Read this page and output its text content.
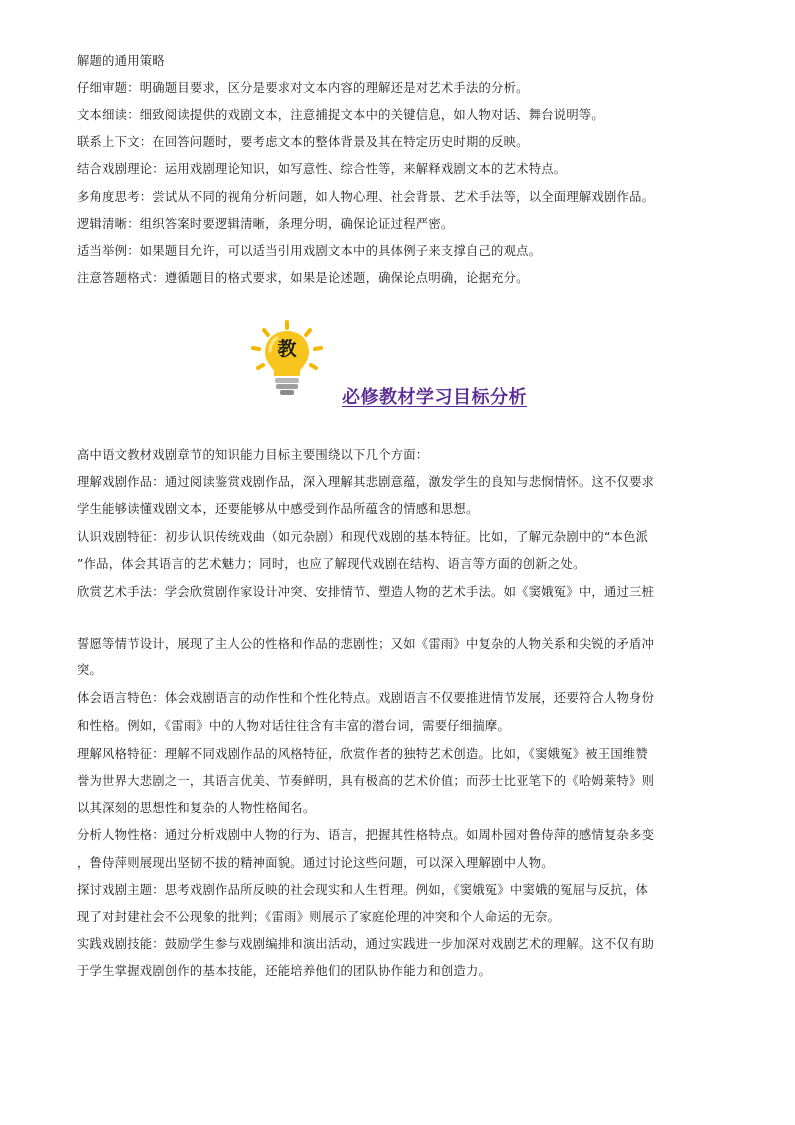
解题的通用策略
仔细审题：明确题目要求，区分是要求对文本内容的理解还是对艺术手法的分析。
文本细读：细致阅读提供的戏剧文本，注意捕捉文本中的关键信息，如人物对话、舞台说明等。
联系上下文：在回答问题时，要考虑文本的整体背景及其在特定历史时期的反映。
结合戏剧理论：运用戏剧理论知识，如写意性、综合性等，来解释戏剧文本的艺术特点。
多角度思考：尝试从不同的视角分析问题，如人物心理、社会背景、艺术手法等，以全面理解戏剧作品。
逻辑清晰：组织答案时要逻辑清晰，条理分明，确保论证过程严密。
适当举例：如果题目允许，可以适当引用戏剧文本中的具体例子来支撑自己的观点。
注意答题格式：遵循题目的格式要求，如果是论述题，确保论点明确，论据充分。
教
必修教材学习目标分析
高中语文教材戏剧章节的知识能力目标主要围绕以下几个方面：
理解戏剧作品：通过阅读鉴赏戏剧作品，深入理解其悲剧意蕴，激发学生的良知与悲悯情怀。这不仅要求
学生能够读懂戏剧文本，还要能够从中感受到作品所蕴含的情感和思想。
认识戏剧特征：初步认识传统戏曲（如元杂剧）和现代戏剧的基本特征。比如，了解元杂剧中的“本色派
”作品，体会其语言的艺术魅力；同时，也应了解现代戏剧在结构、语言等方面的创新之处。
欣赏艺术手法：学会欣赏剧作家设计冲突、安排情节、塑造人物的艺术手法。如《窦娥冤》中，通过三桩
誓愿等情节设计，展现了主人公的性格和作品的悲剧性；又如《雷雨》中复杂的人物关系和尖锐的矛盾冲
突。
体会语言特色：体会戏剧语言的动作性和个性化特点。戏剧语言不仅要推进情节发展，还要符合人物身份
和性格。例如，《雷雨》中的人物对话往往含有丰富的潜台词，需要仔细揣摩。
理解风格特征：理解不同戏剧作品的风格特征，欣赏作者的独特艺术创造。比如，《窦娥冤》被王国维赞
誉为世界大悲剧之一，其语言优美、节奏鲜明，具有极高的艺术价值；而莎士比亚笔下的《哈姆莱特》则
以其深刻的思想性和复杂的人物性格闻名。
分析人物性格：通过分析戏剧中人物的行为、语言，把握其性格特点。如周朴园对鲁侍萍的感情复杂多变
，鲁侍萍则展现出坚韧不拔的精神面貌。通过讨论这些问题，可以深入理解剧中人物。
探讨戏剧主题：思考戏剧作品所反映的社会现实和人生哲理。例如，《窦娥冤》中窦娥的冤屈与反抗，体
现了对封建社会不公现象的批判；《雷雨》则展示了家庭伦理的冲突和个人命运的无奈。
实践戏剧技能：鼓励学生参与戏剧编排和演出活动，通过实践进一步加深对戏剧艺术的理解。这不仅有助
于学生掌握戏剧创作的基本技能，还能培养他们的团队协作能力和创造力。
